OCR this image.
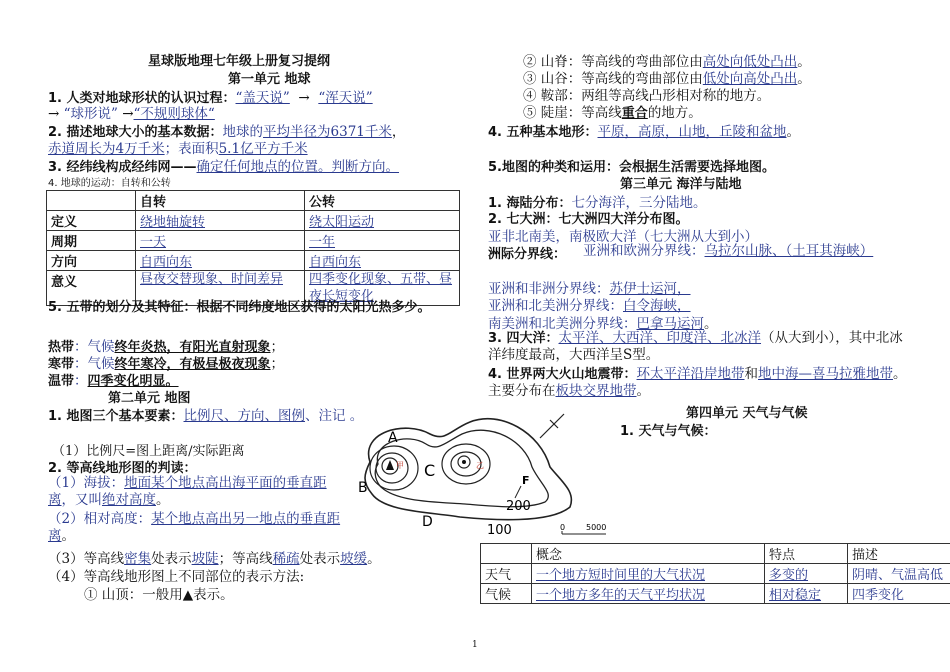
星球版地理七年级上册复习提纲
第一单元 地球
1. 人类对地球形状的认识过程：“盖天说” → “浑天说”
→ “球形说” →“不规则球体“
2. 描述地球大小的基本数据：地球的平均半径为6371千米，
赤道周长为4万千米；表面积5.1亿平方千米
3. 经纬线构成经纬网——确定任何地点的位置。判断方向。
4. 地球的运动：自转和公转
	自转	公转
定义	绕地轴旋转	绕太阳运动
周期	一天	一年
方向	自西向东	自西向东
意义	昼夜交替现象、时间差异	四季变化现象、五带、昼夜长短变化
5. 五带的划分及其特征：根据不同纬度地区获得的太阳光热多少。
热带：气候终年炎热，有阳光直射现象；
寒带：气候终年寒冷，有极昼极夜现象；
温带：四季变化明显。
第二单元 地图
1. 地图三个基本要素：比例尺、方向、图例、注记 。
（1）比例尺=图上距离/实际距离
2. 等高线地形图的判读：
（1）海拔：地面某个地点高出海平面的垂直距离，又叫绝对高度。
（2）相对高度：某个地点高出另一地点的垂直距离。
（3）等高线密集处表示坡陡；等高线稀疏处表示坡缓。
（4）等高线地形图上不同部位的表示方法:
① 山顶：一般用▲表示。
② 山脊：等高线的弯曲部位由高处向低处凸出。
③ 山谷：等高线的弯曲部位由低处向高处凸出。
④ 鞍部：两组等高线凸形相对称的地方。
⑤ 陡崖：等高线重合的地方。
4. 五种基本地形：平原，高原，山地，丘陵和盆地。
5.地图的种类和运用：会根据生活需要选择地图。
第三单元 海洋与陆地
1. 海陆分布：七分海洋，三分陆地。
2. 七大洲：七大洲四大洋分布图。
亚非北南美，南极欧大洋（七大洲从大到小）
洲际分界线： 亚洲和欧洲分界线：乌拉尔山脉、（土耳其海峡）
亚洲和非洲分界线：苏伊士运河，
亚洲和北美洲分界线：白令海峡，
南美洲和北美洲分界线：巴拿马运河。
3. 四大洋：太平洋、大西洋、印度洋、北冰洋（从大到小），其中北冰洋纬度最高，大西洋呈S型。
4. 世界两大火山地震带：环太平洋沿岸地带和地中海—喜马拉雅地带。主要分布在板块交界地带。
第四单元 天气与气候
1. 天气与气候：
A
B
C
D
F
甲	乙
200
100	0	5000
	概念	特点	描述
天气	一个地方短时间里的大气状况	多变的	阴晴、气温高低
气候	一个地方多年的天气平均状况	相对稳定	四季变化
1
